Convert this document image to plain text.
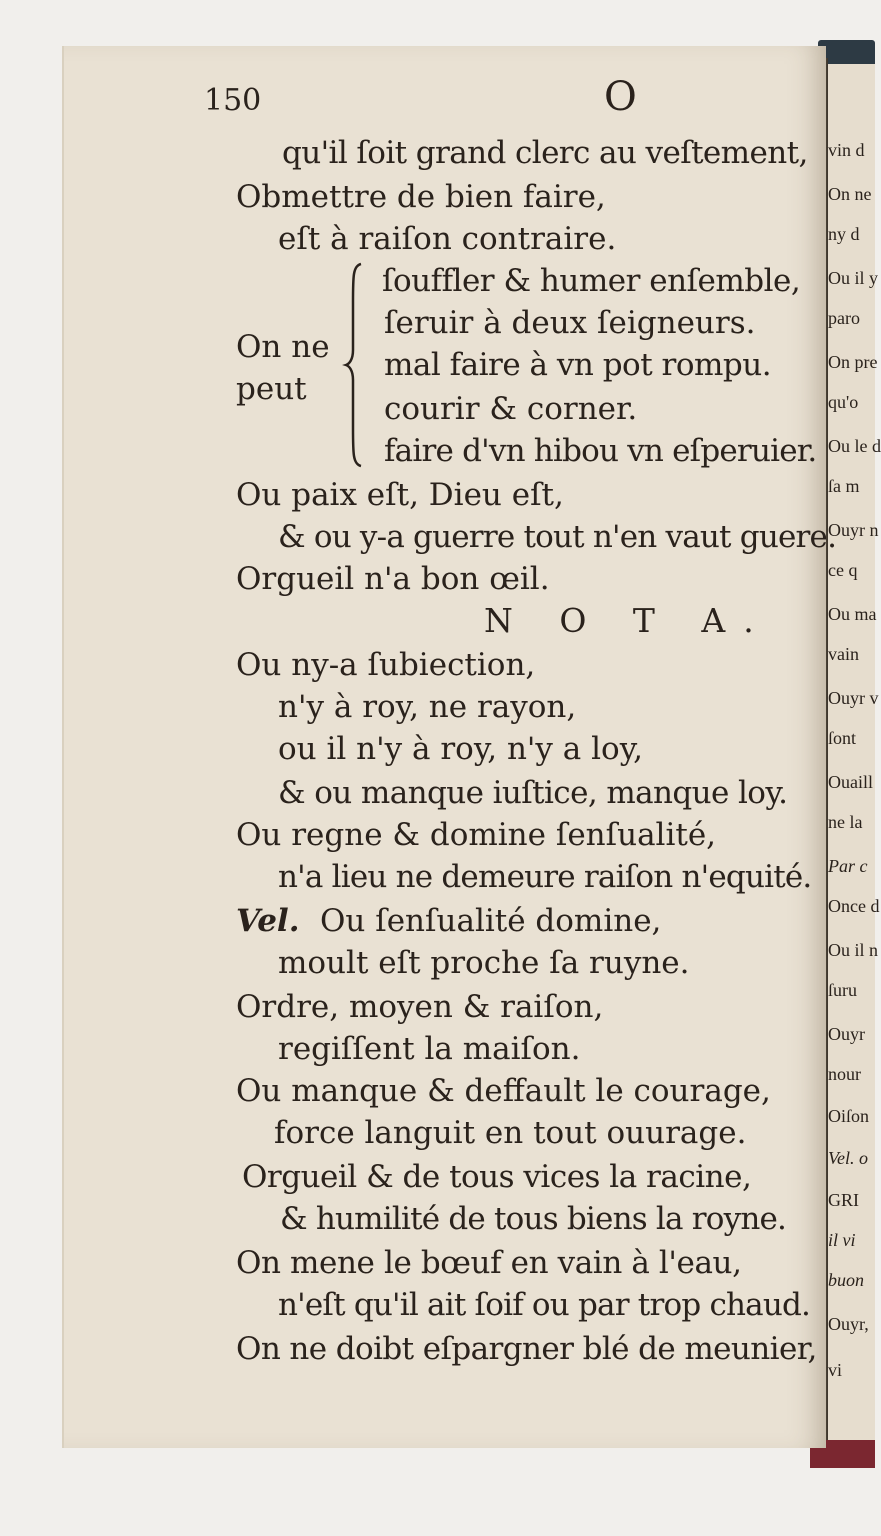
vin d
On ne
ny d
Ou il y
paro
On pre
qu'o
Ou le d
ſa m
Ouyr n
ce q
Ou ma
vain
Ouyr v
ſont
Ouaill
ne la
Par c
Once d
Ou il n
ſuru
Ouyr
nour
Oiſon
Vel. o
GRI
il vi
buon
Ouyr,
vi
150	O
qu'il ſoit grand clerc au veſtement,
Obmettre de bien faire,
eſt à raiſon contraire.
ſouffler & humer enſemble,
ſeruir à deux ſeigneurs.
On ne mal faire à vn pot rompu.
peut
courir & corner.
faire d'vn hibou vn eſperuier.
Ou paix eſt, Dieu eſt,
& ou y-a guerre tout n'en vaut guere.
Orgueil n'a bon œil.
N O T A.
Ou ny-a ſubiection,
n'y à roy, ne rayon,
ou il n'y à roy, n'y a loy,
& ou manque iuſtice, manque loy.
Ou regne & domine ſenſualité,
n'a lieu ne demeure raiſon n'equité.
Vel. Ou ſenſualité domine,
moult eſt proche ſa ruyne.
Ordre, moyen & raiſon,
regiſſent la maiſon.
Ou manque & deffault le courage,
force languit en tout ouurage.
Orgueil & de tous vices la racine,
& humilité de tous biens la royne.
On mene le bœuf en vain à l'eau,
n'eſt qu'il ait ſoif ou par trop chaud.
On ne doibt eſpargner blé de meunier,
